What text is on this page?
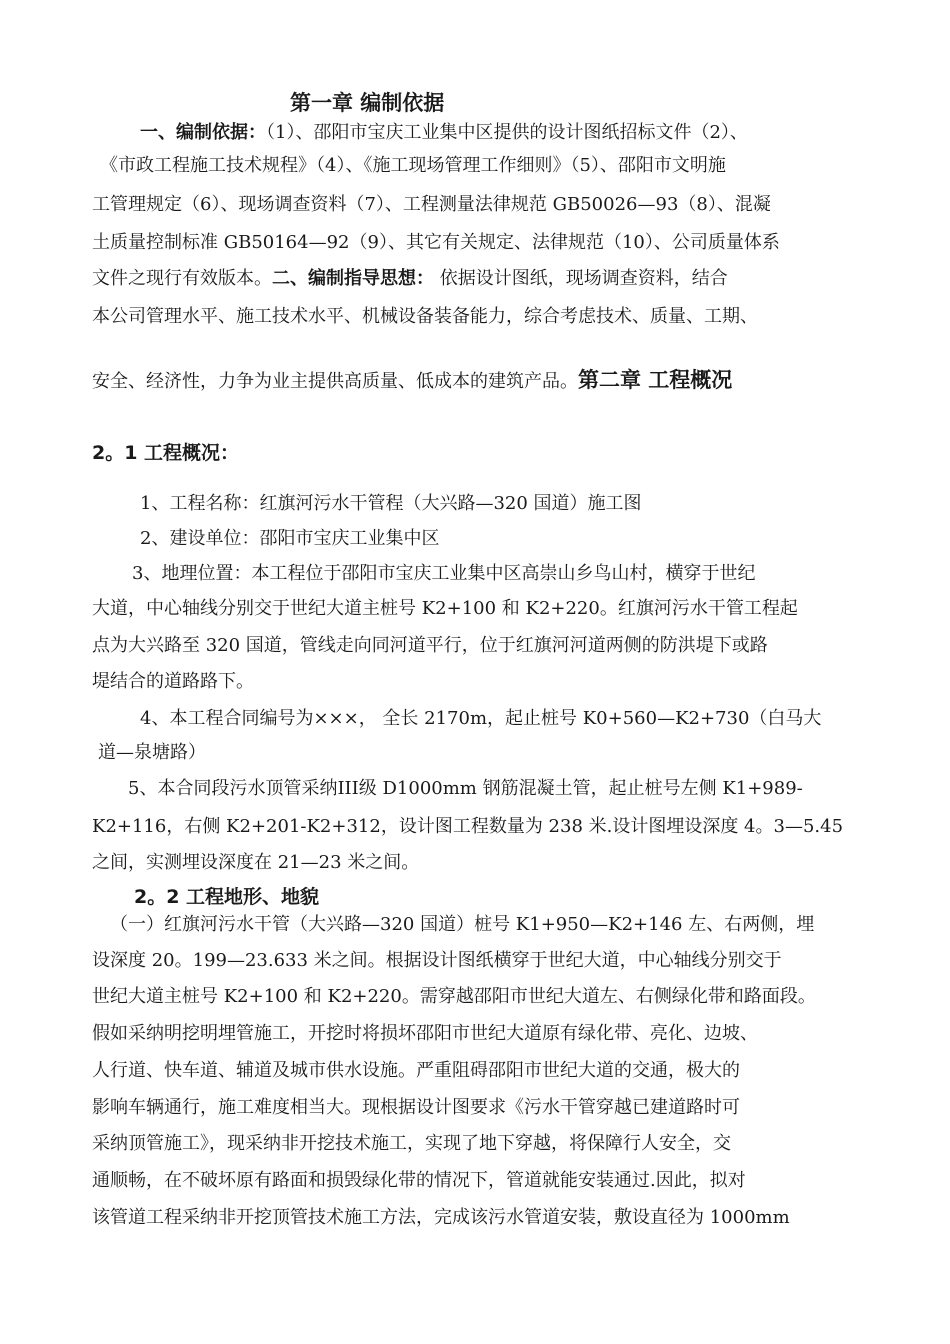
第一章 编制依据
一、编制依据：（1）、邵阳市宝庆工业集中区提供的设计图纸招标文件（2）、
《市政工程施工技术规程》（4）、《施工现场管理工作细则》（5）、邵阳市文明施
工管理规定（6）、现场调查资料（7）、工程测量法律规范 GB50026—93（8）、混凝
土质量控制标准 GB50164—92（9）、其它有关规定、法律规范（10）、公司质量体系
文件之现行有效版本。二、编制指导思想： 依据设计图纸，现场调查资料，结合
本公司管理水平、施工技术水平、机械设备装备能力，综合考虑技术、质量、工期、
安全、经济性，力争为业主提供高质量、低成本的建筑产品。第二章 工程概况
2。1 工程概况：
1、工程名称：红旗河污水干管程（大兴路—320 国道）施工图
2、建设单位：邵阳市宝庆工业集中区
3、地理位置：本工程位于邵阳市宝庆工业集中区高崇山乡鸟山村，横穿于世纪
大道，中心轴线分别交于世纪大道主桩号 K2+100 和 K2+220。红旗河污水干管工程起
点为大兴路至 320 国道，管线走向同河道平行，位于红旗河河道两侧的防洪堤下或路
堤结合的道路路下。
4、本工程合同编号为×××， 全长 2170m，起止桩号 K0+560—K2+730（白马大
道—泉塘路）
5、本合同段污水顶管采纳III级 D1000mm 钢筋混凝土管，起止桩号左侧 K1+989-
K2+116，右侧 K2+201-K2+312，设计图工程数量为 238 米.设计图埋设深度 4。3—5.45
之间，实测埋设深度在 21—23 米之间。
2。2 工程地形、地貌
（一）红旗河污水干管（大兴路—320 国道）桩号 K1+950—K2+146 左、右两侧，埋
设深度 20。199—23.633 米之间。根据设计图纸横穿于世纪大道，中心轴线分别交于
世纪大道主桩号 K2+100 和 K2+220。需穿越邵阳市世纪大道左、右侧绿化带和路面段。
假如采纳明挖明埋管施工，开挖时将损坏邵阳市世纪大道原有绿化带、亮化、边坡、
人行道、快车道、辅道及城市供水设施。严重阻碍邵阳市世纪大道的交通，极大的
影响车辆通行，施工难度相当大。现根据设计图要求《污水干管穿越已建道路时可
采纳顶管施工》，现采纳非开挖技术施工，实现了地下穿越，将保障行人安全，交
通顺畅，在不破坏原有路面和损毁绿化带的情况下，管道就能安装通过.因此，拟对
该管道工程采纳非开挖顶管技术施工方法，完成该污水管道安装，敷设直径为 1000mm
